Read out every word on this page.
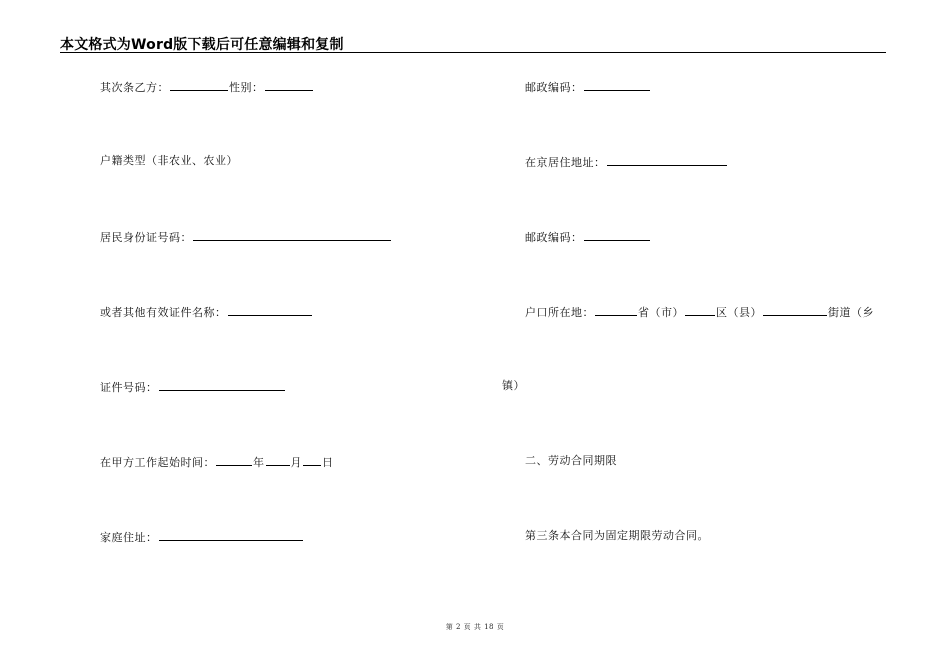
本文格式为Word版下载后可任意编辑和复制
其次条乙方：	性别：
户籍类型（非农业、农业）
居民身份证号码：
或者其他有效证件名称：
证件号码：
在甲方工作起始时间：	年 月 日
家庭住址：
邮政编码：
在京居住地址：
邮政编码：
户口所在地：	省（市）	区（县）	街道（乡
镇）
二、劳动合同期限
第三条本合同为固定期限劳动合同。
第 2 页 共 18 页
